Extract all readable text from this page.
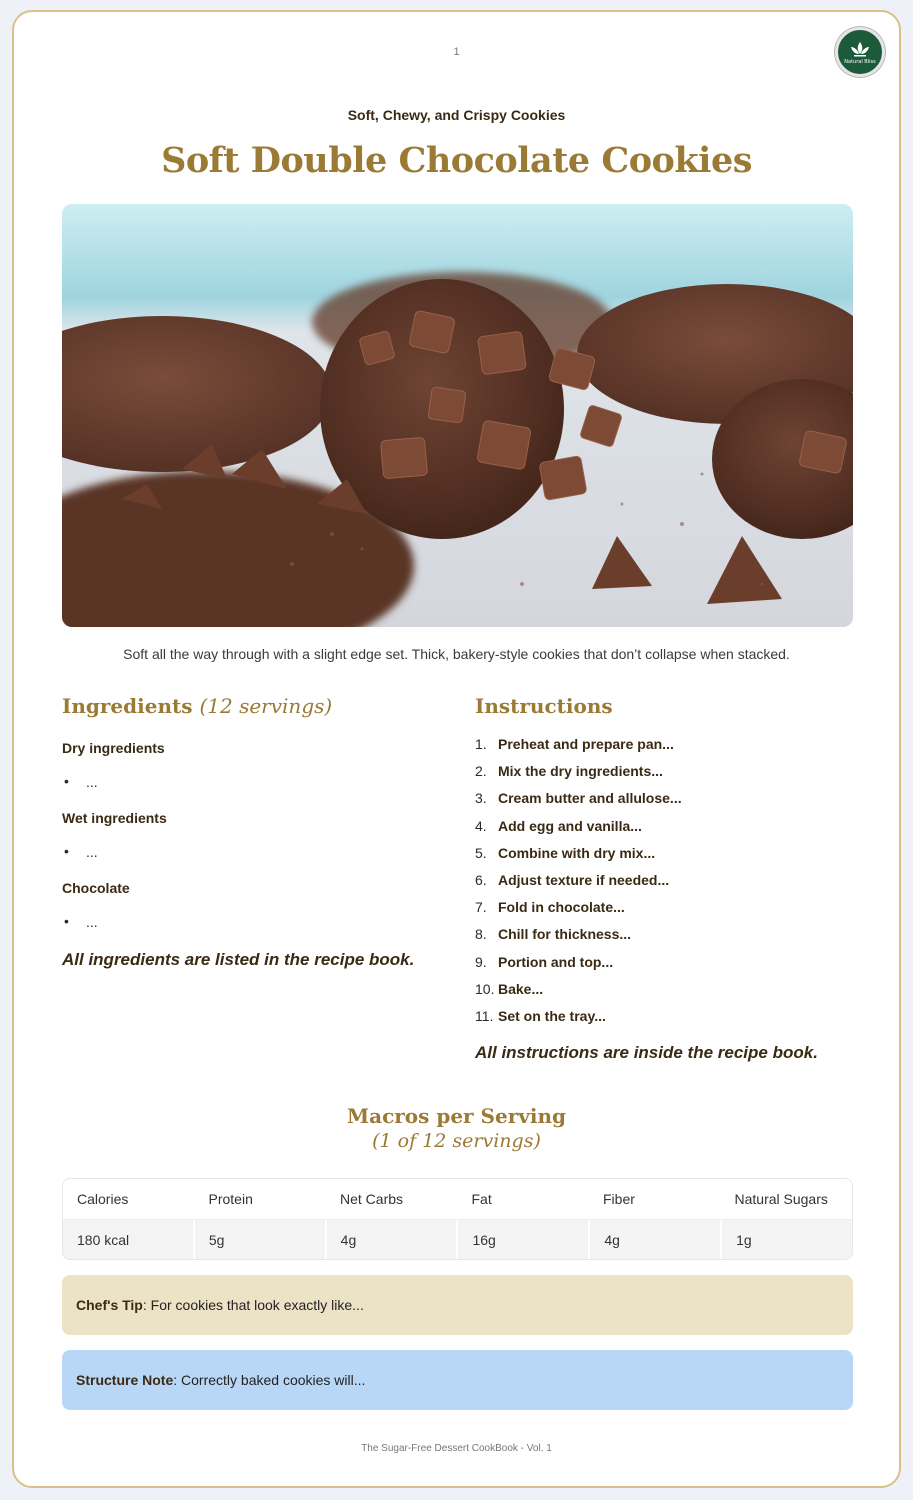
1
Natural Bliss
Soft, Chewy, and Crispy Cookies
Soft Double Chocolate Cookies
Soft all the way through with a slight edge set. Thick, bakery-style cookies that don’t collapse when stacked.
Ingredients (12 servings)
Dry ingredients
• ...
Wet ingredients
• ...
Chocolate
• ...
All ingredients are listed in the recipe book.
Instructions
1. Preheat and prepare pan...
2. Mix the dry ingredients...
3. Cream butter and allulose...
4. Add egg and vanilla...
5. Combine with dry mix...
6. Adjust texture if needed...
7. Fold in chocolate...
8. Chill for thickness...
9. Portion and top...
10. Bake...
11. Set on the tray...
All instructions are inside the recipe book.
Macros per Serving
(1 of 12 servings)
Calories	Protein	Net Carbs	Fat	Fiber	Natural Sugars
180 kcal	5g	4g	16g	4g	1g
Chef's Tip : For cookies that look exactly like...
Structure Note : Correctly baked cookies will...
The Sugar-Free Dessert CookBook - Vol. 1
